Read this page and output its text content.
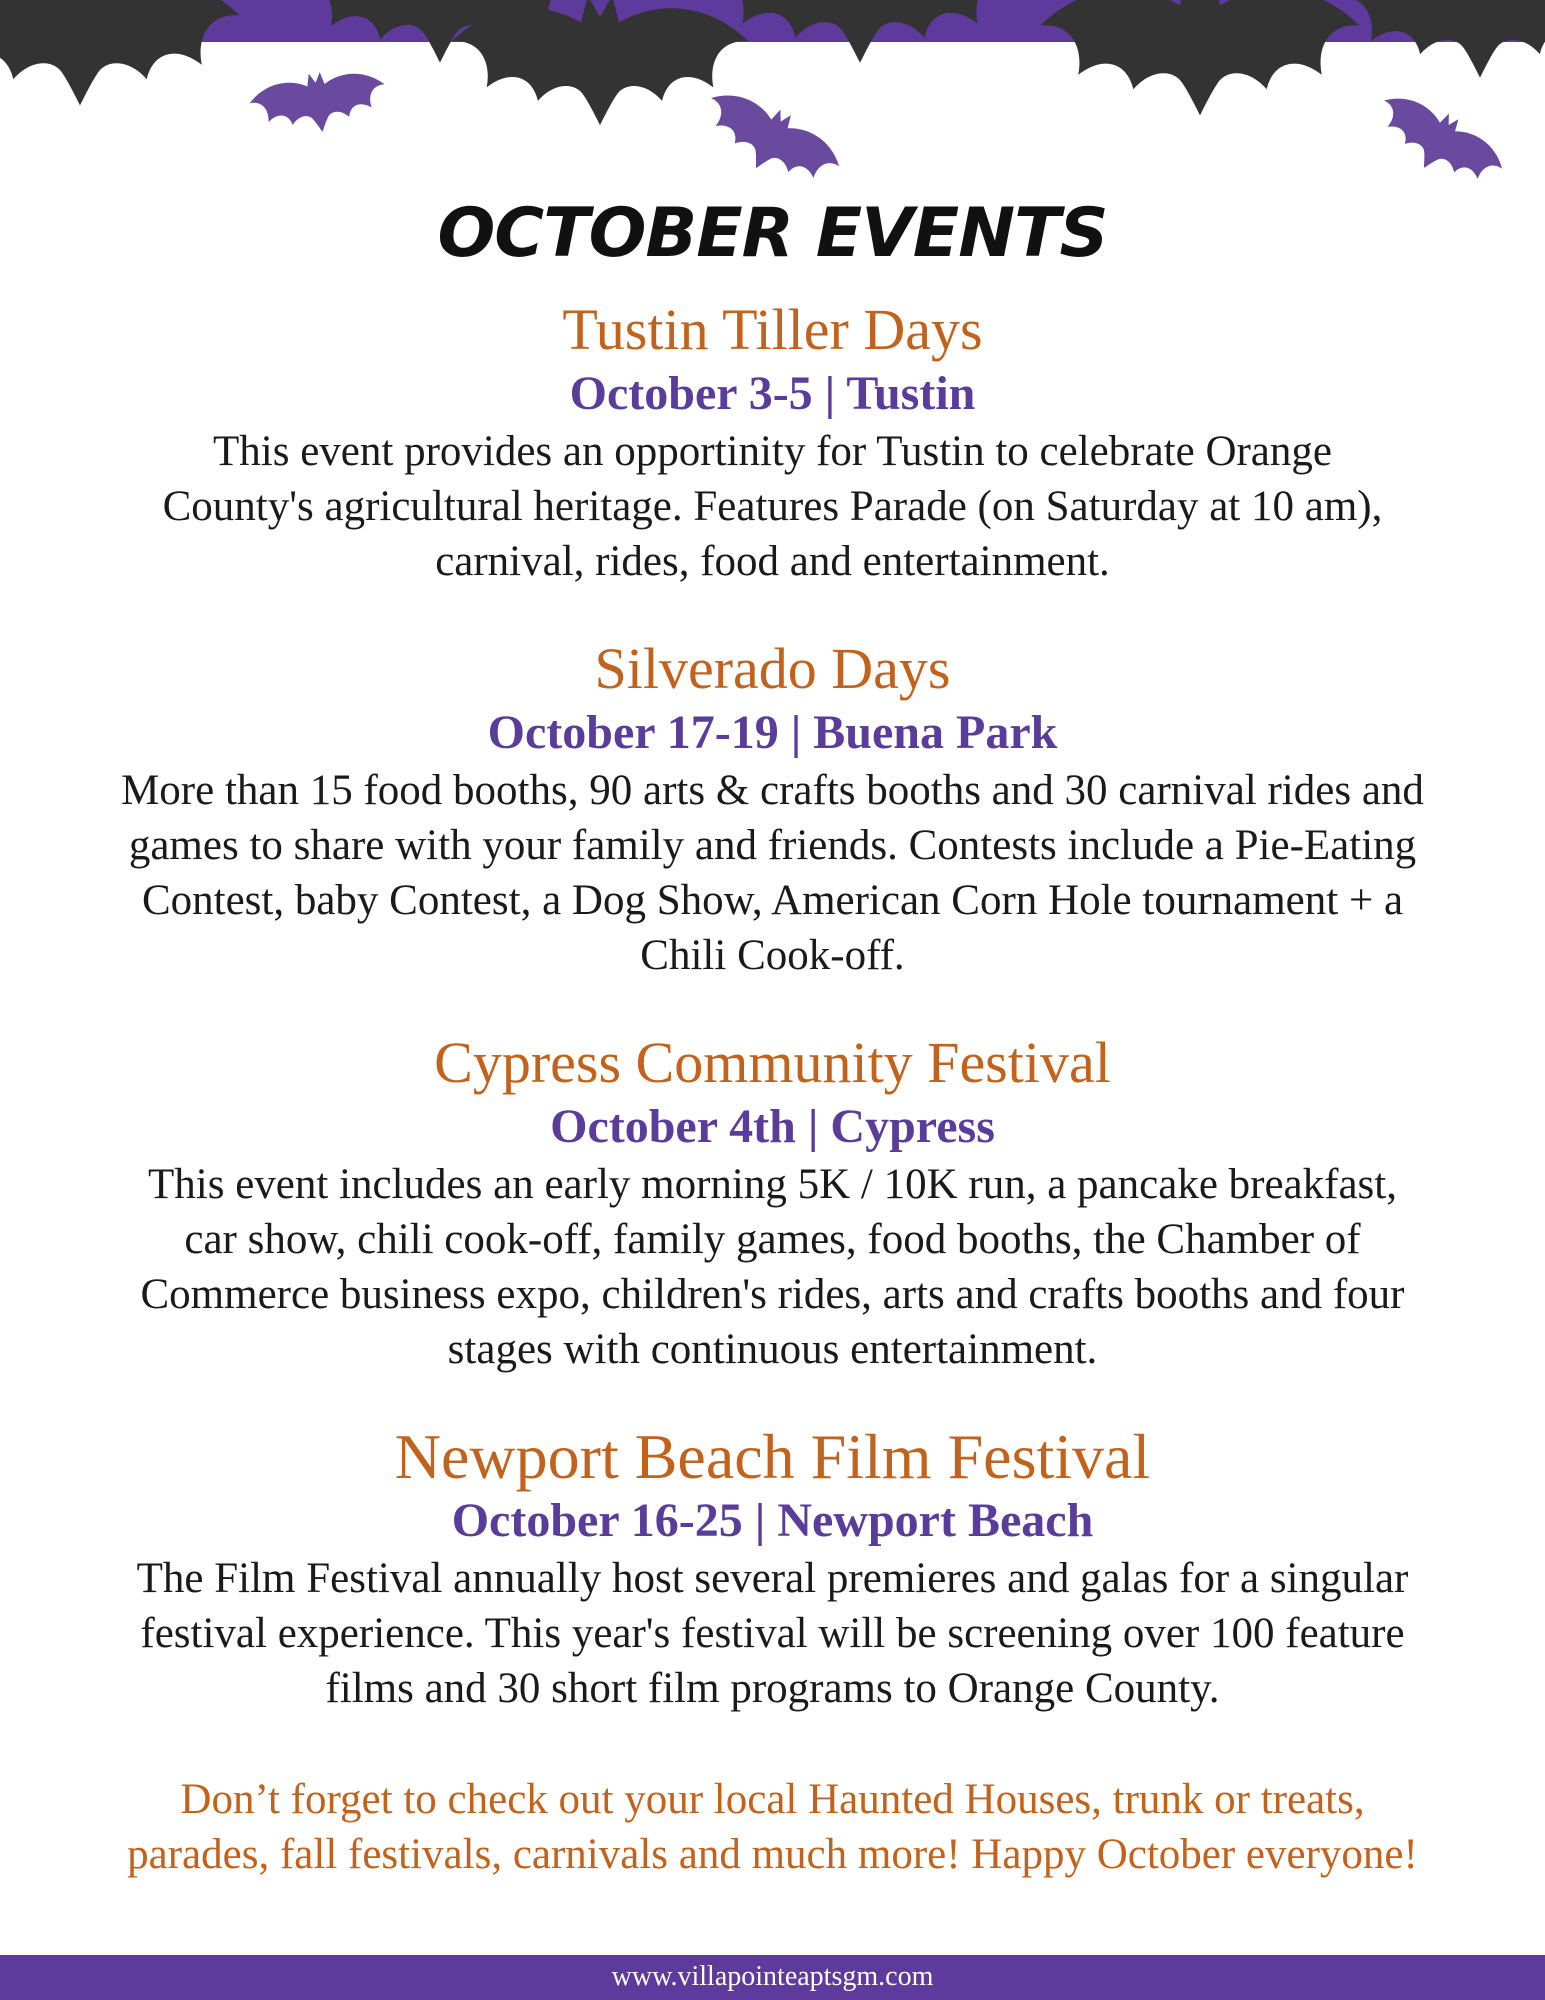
OCTOBER EVENTS
Tustin Tiller Days
October 3-5 | Tustin
This event provides an opportinity for Tustin to celebrate Orange
County's agricultural heritage. Features Parade (on Saturday at 10 am),
carnival, rides, food and entertainment.
Silverado Days
October 17-19 | Buena Park
More than 15 food booths, 90 arts & crafts booths and 30 carnival rides and
games to share with your family and friends. Contests include a Pie-Eating
Contest, baby Contest, a Dog Show, American Corn Hole tournament + a
Chili Cook-off.
Cypress Community Festival
October 4th | Cypress
This event includes an early morning 5K / 10K run, a pancake breakfast,
car show, chili cook-off, family games, food booths, the Chamber of
Commerce business expo, children's rides, arts and crafts booths and four
stages with continuous entertainment.
Newport Beach Film Festival
October 16-25 | Newport Beach
The Film Festival annually host several premieres and galas for a singular
festival experience. This year's festival will be screening over 100 feature
films and 30 short film programs to Orange County.
Don’t forget to check out your local Haunted Houses, trunk or treats,
parades, fall festivals, carnivals and much more! Happy October everyone!
www.villapointeaptsgm.com
